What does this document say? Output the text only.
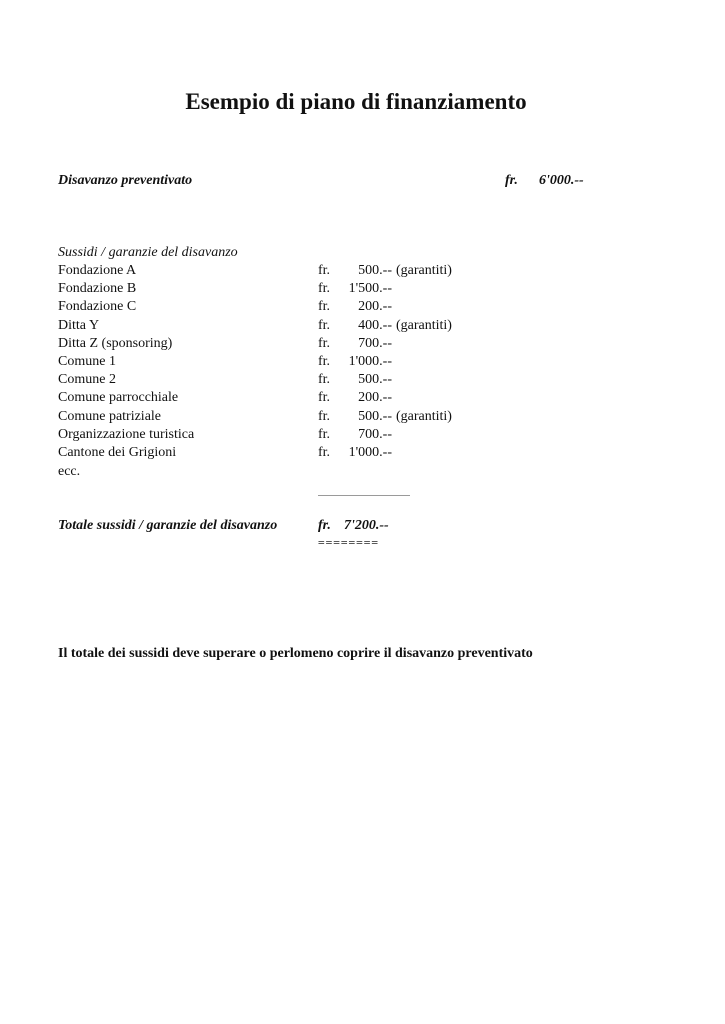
Esempio di piano di finanziamento
Disavanzo preventivato	fr. 6'000.--
Sussidi / garanzie del disavanzo
Fondazione A	fr.	500.-- (garantiti)
Fondazione B	fr.	1'500.--
Fondazione C	fr.	200.--
Ditta Y	fr.	400.-- (garantiti)
Ditta Z (sponsoring)	fr.	700.--
Comune 1	fr.	1'000.--
Comune 2	fr.	500.--
Comune parrocchiale	fr.	200.--
Comune patriziale	fr.	500.-- (garantiti)
Organizzazione turistica	fr.	700.--
Cantone dei Grigioni	fr.	1'000.--
ecc.
Totale sussidi / garanzie del disavanzo	fr. 7'200.--
========
Il totale dei sussidi deve superare o perlomeno coprire il disavanzo preventivato
